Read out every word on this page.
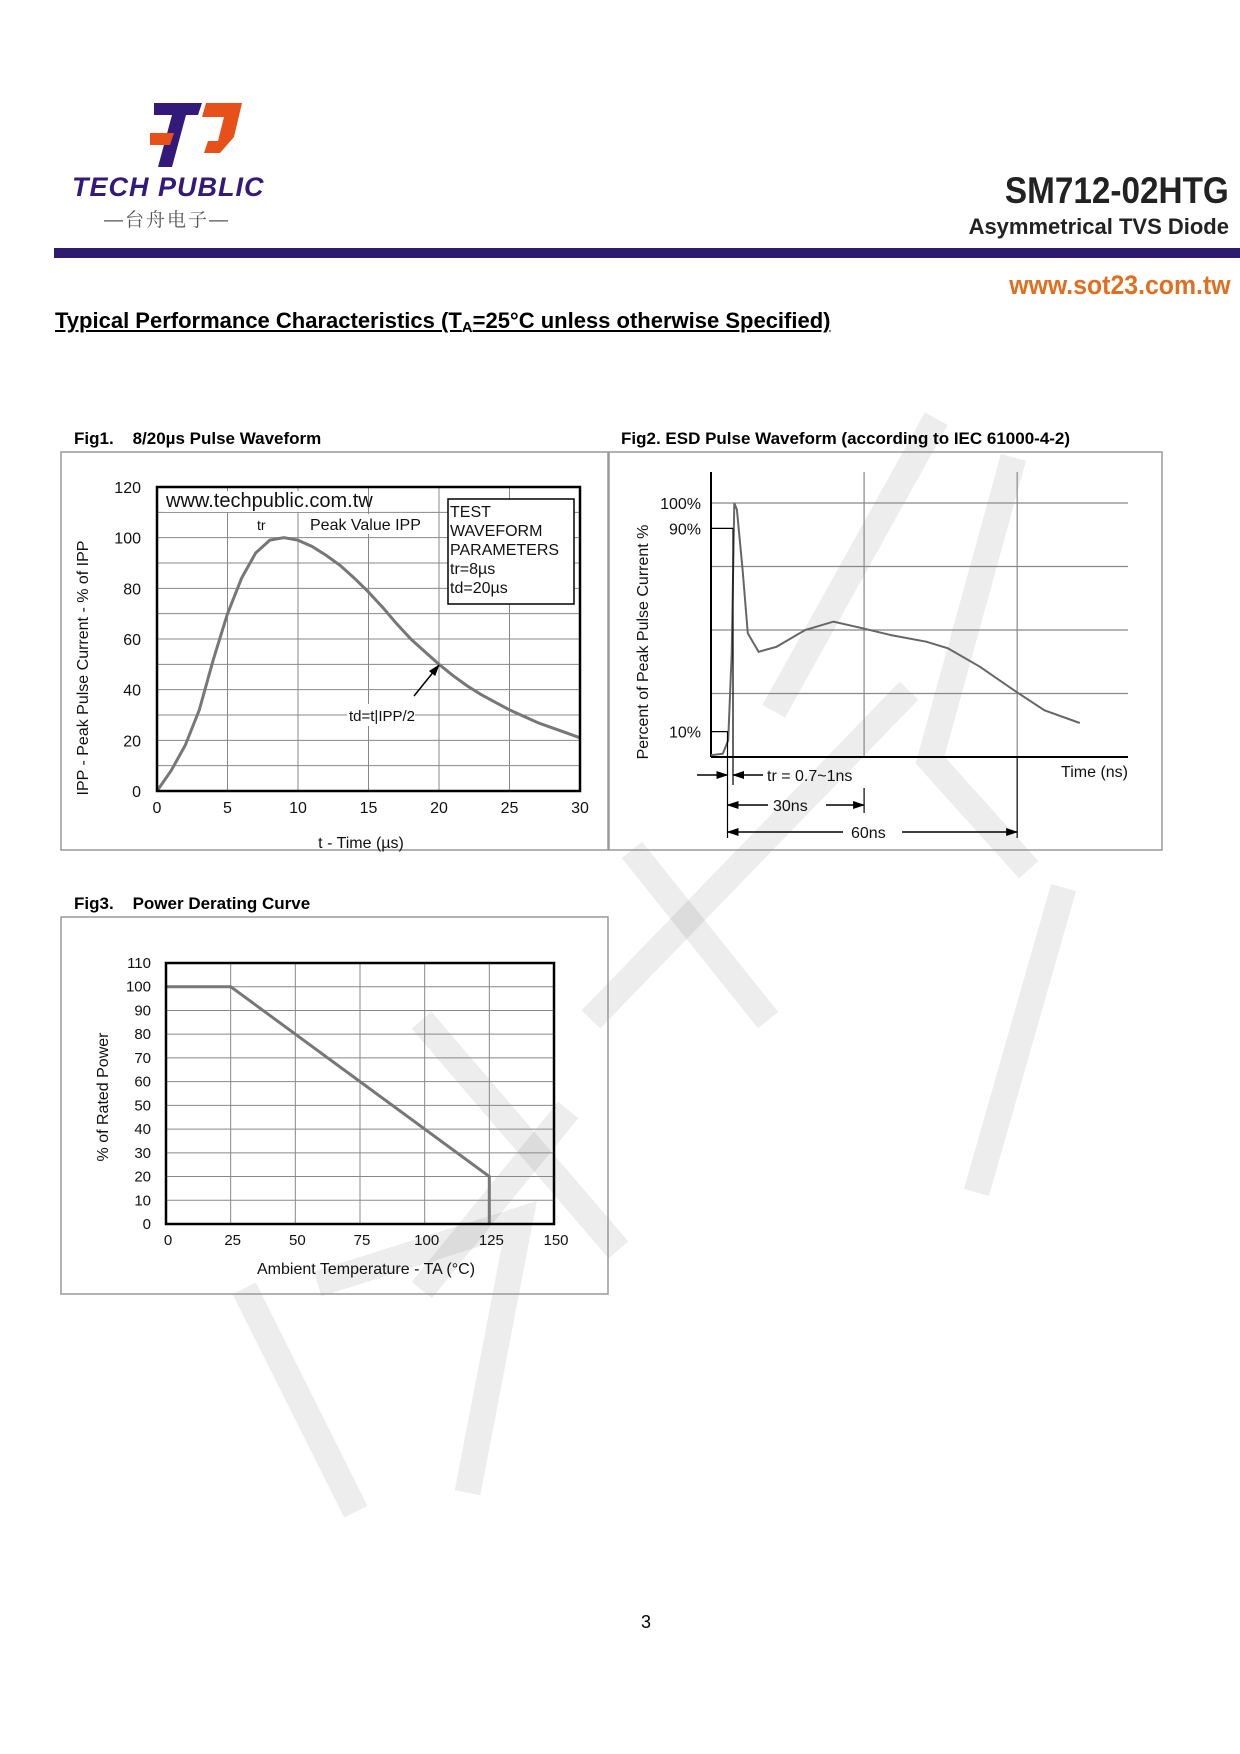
TECH PUBLIC
—台舟电子—
SM712-02HTG
Asymmetrical TVS Diode
www.sot23.com.tw
Typical Performance Characteristics ($T_A=25^\circ C$ unless otherwise Specified)
Fig1. 8/20µs Pulse Waveform	Fig2. ESD Pulse Waveform (according to IEC 61000-4-2)
Fig3. Power Derating Curve
0	5	10	15	20	25	30
0
20
40
60
80
100
120
www.techpublic.com.tw
tr	Peak Value IPP
TEST
WAVEFORM
PARAMETERS
tr=8µs
td=20µs
td=t|IPP/2
t - Time (µs)
IPP - Peak Pulse Current - % of IPP
100%
90%
10%
Time (ns)
Percent of Peak Pulse Current %
tr = 0.7~1ns
30ns
60ns
0	25	50	75	100	125	150
0
10
20
30
40
50
60
70
80
90
100
110
Ambient Temperature - TA (°C)
% of Rated Power
3
